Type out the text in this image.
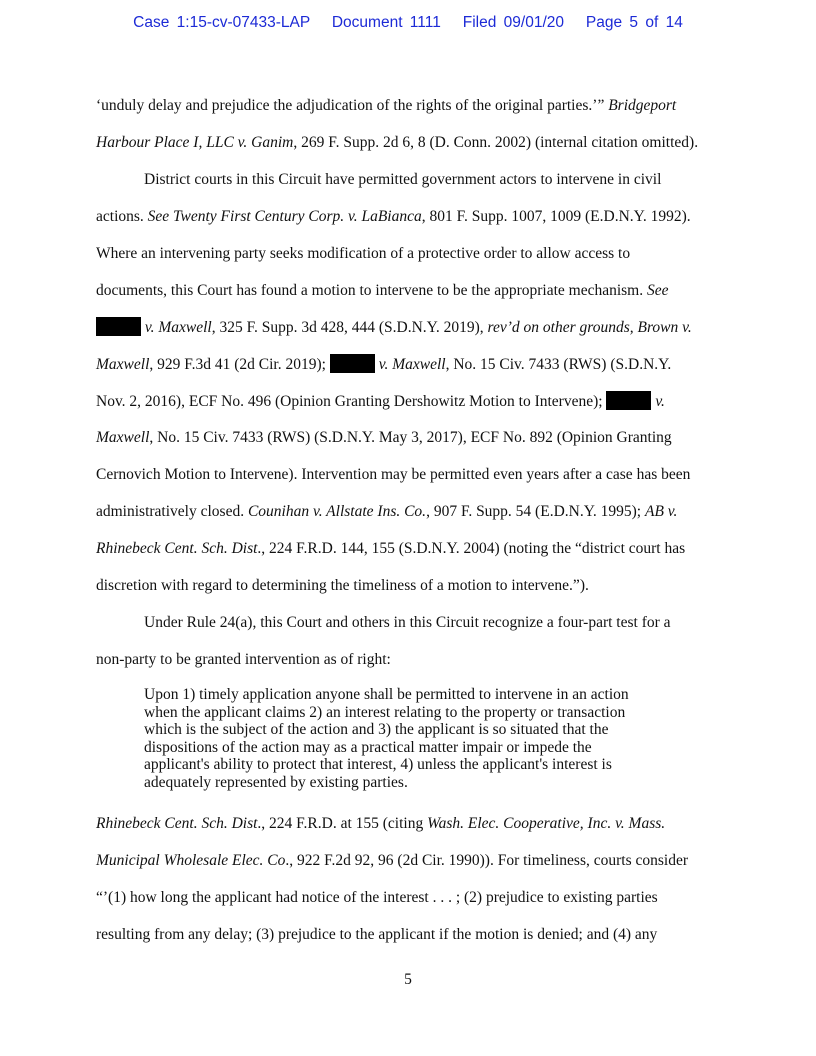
Case 1:15-cv-07433-LAP   Document 1111   Filed 09/01/20   Page 5 of 14
‘unduly delay and prejudice the adjudication of the rights of the original parties.’” Bridgeport
Harbour Place I, LLC v. Ganim, 269 F. Supp. 2d 6, 8 (D. Conn. 2002) (internal citation omitted).
District courts in this Circuit have permitted government actors to intervene in civil
actions. See Twenty First Century Corp. v. LaBianca, 801 F. Supp. 1007, 1009 (E.D.N.Y. 1992).
Where an intervening party seeks modification of a protective order to allow access to
documents, this Court has found a motion to intervene to be the appropriate mechanism. See
v. Maxwell, 325 F. Supp. 3d 428, 444 (S.D.N.Y. 2019), rev’d on other grounds, Brown v.
Maxwell, 929 F.3d 41 (2d Cir. 2019);	v. Maxwell, No. 15 Civ. 7433 (RWS) (S.D.N.Y.
Nov. 2, 2016), ECF No. 496 (Opinion Granting Dershowitz Motion to Intervene);	v.
Maxwell, No. 15 Civ. 7433 (RWS) (S.D.N.Y. May 3, 2017), ECF No. 892 (Opinion Granting
Cernovich Motion to Intervene). Intervention may be permitted even years after a case has been
administratively closed. Counihan v. Allstate Ins. Co., 907 F. Supp. 54 (E.D.N.Y. 1995); AB v.
Rhinebeck Cent. Sch. Dist., 224 F.R.D. 144, 155 (S.D.N.Y. 2004) (noting the “district court has
discretion with regard to determining the timeliness of a motion to intervene.”).
Under Rule 24(a), this Court and others in this Circuit recognize a four-part test for a
non-party to be granted intervention as of right:
Upon 1) timely application anyone shall be permitted to intervene in an action
when the applicant claims 2) an interest relating to the property or transaction
which is the subject of the action and 3) the applicant is so situated that the
dispositions of the action may as a practical matter impair or impede the
applicant's ability to protect that interest, 4) unless the applicant's interest is
adequately represented by existing parties.
Rhinebeck Cent. Sch. Dist., 224 F.R.D. at 155 (citing Wash. Elec. Cooperative, Inc. v. Mass.
Municipal Wholesale Elec. Co., 922 F.2d 92, 96 (2d Cir. 1990)). For timeliness, courts consider
“’(1) how long the applicant had notice of the interest . . . ; (2) prejudice to existing parties
resulting from any delay; (3) prejudice to the applicant if the motion is denied; and (4) any
5
